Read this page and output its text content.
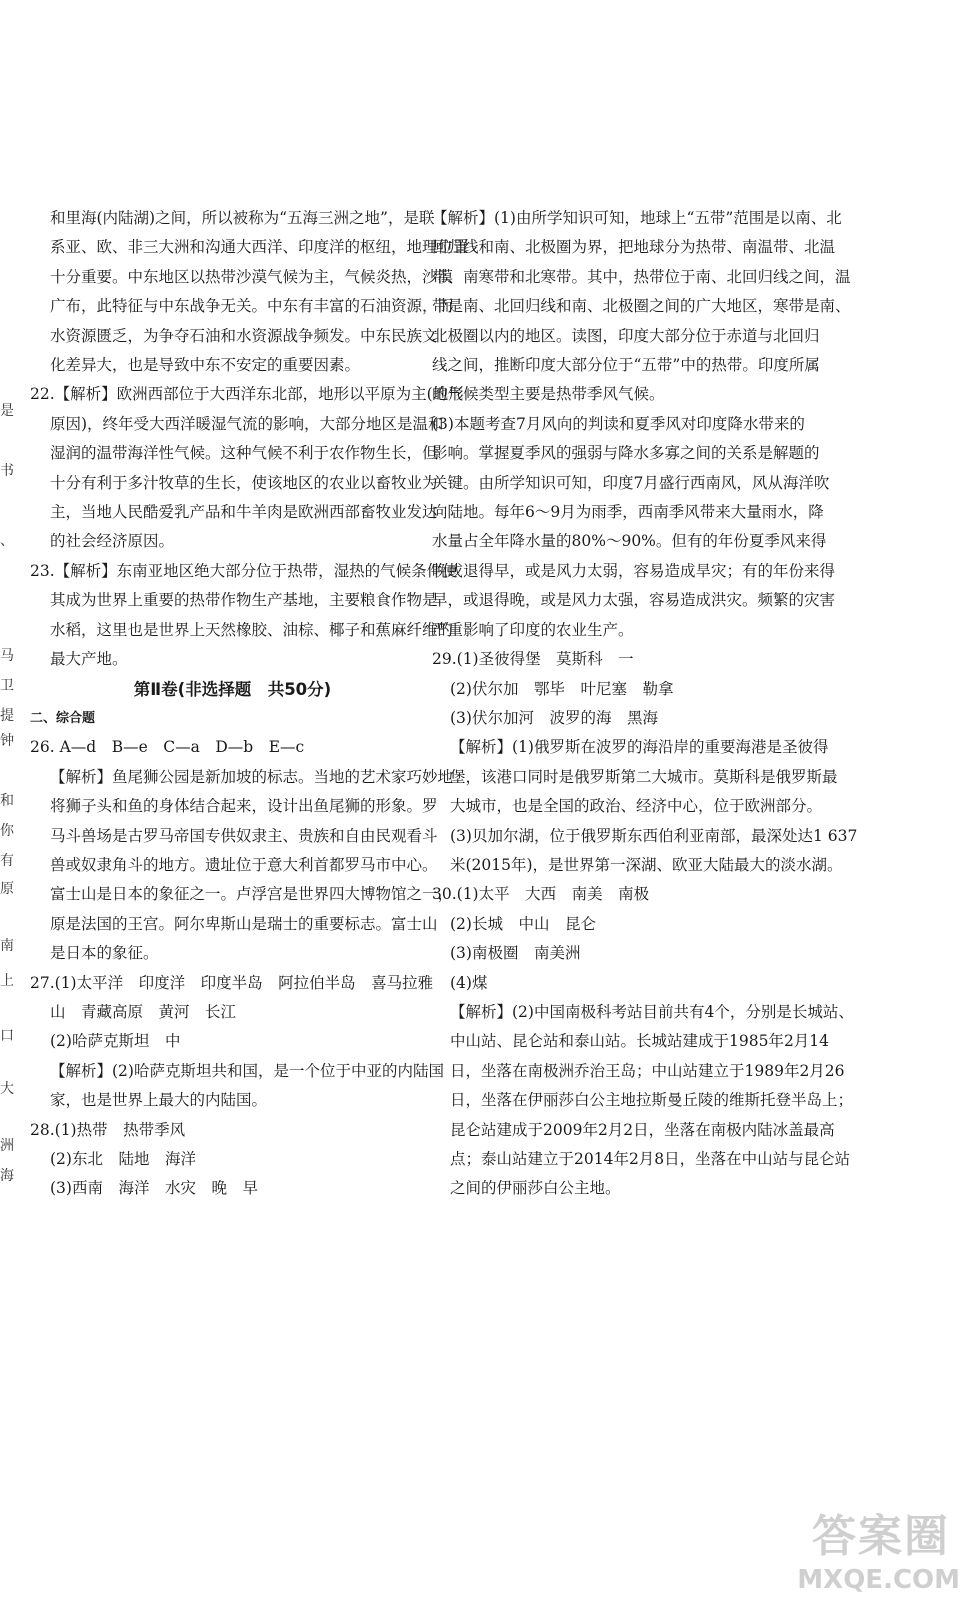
是
书
、
马
卫
提
钟
和
你
有
原
南
上
口
大
洲
海

和里海(内陆湖)之间，所以被称为“五海三洲之地”，是联

系亚、欧、非三大洲和沟通大西洋、印度洋的枢纽，地理位置

十分重要。中东地区以热带沙漠气候为主，气候炎热，沙漠

广布，此特征与中东战争无关。中东有丰富的石油资源，而

水资源匮乏，为争夺石油和水资源战争频发。中东民族文

化差异大，也是导致中东不安定的重要因素。

22.【解析】欧洲西部位于大西洋东北部，地形以平原为主(地形

原因)，终年受大西洋暖湿气流的影响，大部分地区是温和

湿润的温带海洋性气候。这种气候不利于农作物生长，但

十分有利于多汁牧草的生长，使该地区的农业以畜牧业为

主，当地人民酷爱乳产品和牛羊肉是欧洲西部畜牧业发达

的社会经济原因。

23.【解析】东南亚地区绝大部分位于热带，湿热的气候条件使

其成为世界上重要的热带作物生产基地，主要粮食作物是

水稻，这里也是世界上天然橡胶、油棕、椰子和蕉麻纤维的

最大产地。

第Ⅱ卷(非选择题　共50分)

二、综合题

26. A—d　B—e　C—a　D—b　E—c

【解析】鱼尾狮公园是新加坡的标志。当地的艺术家巧妙地

将狮子头和鱼的身体结合起来，设计出鱼尾狮的形象。罗

马斗兽场是古罗马帝国专供奴隶主、贵族和自由民观看斗

兽或奴隶角斗的地方。遗址位于意大利首都罗马市中心。

富士山是日本的象征之一。卢浮宫是世界四大博物馆之一，

原是法国的王宫。阿尔卑斯山是瑞士的重要标志。富士山

是日本的象征。

27.(1)太平洋　印度洋　印度半岛　阿拉伯半岛　喜马拉雅

山　青藏高原　黄河　长江

(2)哈萨克斯坦　中

【解析】(2)哈萨克斯坦共和国，是一个位于中亚的内陆国

家，也是世界上最大的内陆国。

28.(1)热带　热带季风

(2)东北　陆地　海洋

(3)西南　海洋　水灾　晚　早

【解析】(1)由所学知识可知，地球上“五带”范围是以南、北

回归线和南、北极圈为界，把地球分为热带、南温带、北温

带、南寒带和北寒带。其中，热带位于南、北回归线之间，温

带是南、北回归线和南、北极圈之间的广大地区，寒带是南、

北极圈以内的地区。读图，印度大部分位于赤道与北回归

线之间，推断印度大部分位于“五带”中的热带。印度所属

的气候类型主要是热带季风气候。

(3)本题考查7月风向的判读和夏季风对印度降水带来的

影响。掌握夏季风的强弱与降水多寡之间的关系是解题的

关键。由所学知识可知，印度7月盛行西南风，风从海洋吹

向陆地。每年6～9月为雨季，西南季风带来大量雨水，降

水量占全年降水量的80%～90%。但有的年份夏季风来得

晚或退得早，或是风力太弱，容易造成旱灾；有的年份来得

早，或退得晚，或是风力太强，容易造成洪灾。频繁的灾害

严重影响了印度的农业生产。

29.(1)圣彼得堡　莫斯科　一

(2)伏尔加　鄂毕　叶尼塞　勒拿

(3)伏尔加河　波罗的海　黑海

【解析】(1)俄罗斯在波罗的海沿岸的重要海港是圣彼得

堡，该港口同时是俄罗斯第二大城市。莫斯科是俄罗斯最

大城市，也是全国的政治、经济中心，位于欧洲部分。

(3)贝加尔湖，位于俄罗斯东西伯利亚南部，最深处达1 637

米(2015年)，是世界第一深湖、欧亚大陆最大的淡水湖。

30.(1)太平　大西　南美　南极

(2)长城　中山　昆仑

(3)南极圈　南美洲

(4)煤

【解析】(2)中国南极科考站目前共有4个，分别是长城站、

中山站、昆仑站和泰山站。长城站建成于1985年2月14

日，坐落在南极洲乔治王岛；中山站建立于1989年2月26

日，坐落在伊丽莎白公主地拉斯曼丘陵的维斯托登半岛上；

昆仑站建成于2009年2月2日，坐落在南极内陆冰盖最高

点；泰山站建立于2014年2月8日，坐落在中山站与昆仑站

之间的伊丽莎白公主地。

答案圈
MXQE.COM
